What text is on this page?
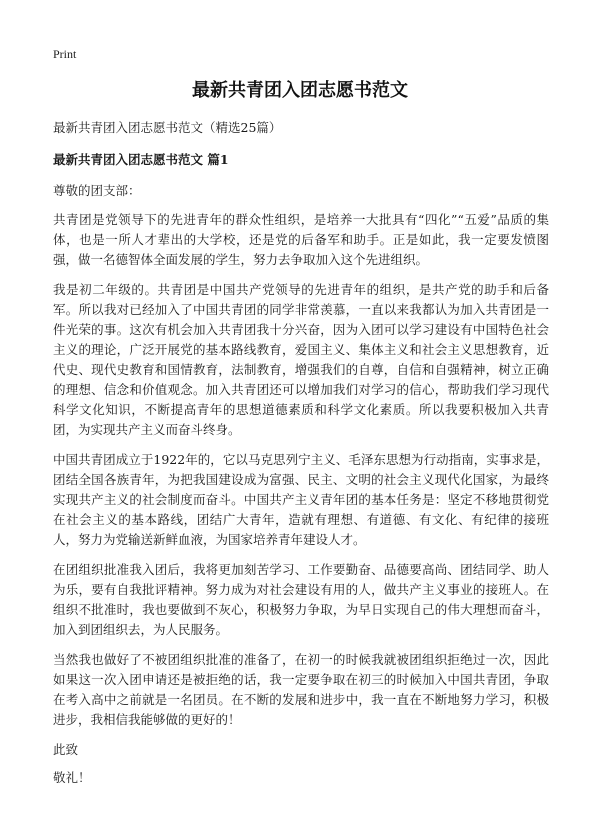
Print
最新共青团入团志愿书范文

最新共青团入团志愿书范文（精选25篇）

最新共青团入团志愿书范文 篇1

尊敬的团支部：

共青团是党领导下的先进青年的群众性组织，是培养一大批具有“四化”“五爱”品质的集体，也是一所人才辈出的大学校，还是党的后备军和助手。正是如此，我一定要发愤图强，做一名德智体全面发展的学生，努力去争取加入这个先进组织。

我是初二年级的。共青团是中国共产党领导的先进青年的组织，是共产党的助手和后备军。所以我对已经加入了中国共青团的同学非常羡慕，一直以来我都认为加入共青团是一件光荣的事。这次有机会加入共青团我十分兴奋，因为入团可以学习建设有中国特色社会主义的理论，广泛开展党的基本路线教育，爱国主义、集体主义和社会主义思想教育，近代史、现代史教育和国情教育，法制教育，增强我们的自尊，自信和自强精神，树立正确的理想、信念和价值观念。加入共青团还可以增加我们对学习的信心，帮助我们学习现代科学文化知识，不断提高青年的思想道德素质和科学文化素质。所以我要积极加入共青团，为实现共产主义而奋斗终身。

中国共青团成立于1922年的，它以马克思列宁主义、毛泽东思想为行动指南，实事求是，团结全国各族青年，为把我国建设成为富强、民主、文明的社会主义现代化国家，为最终实现共产主义的社会制度而奋斗。中国共产主义青年团的基本任务是：坚定不移地贯彻党在社会主义的基本路线，团结广大青年，造就有理想、有道德、有文化、有纪律的接班人，努力为党输送新鲜血液，为国家培养青年建设人才。

在团组织批准我入团后，我将更加刻苦学习、工作要勤奋、品德要高尚、团结同学、助人为乐，要有自我批评精神。努力成为对社会建设有用的人，做共产主义事业的接班人。在组织不批准时，我也要做到不灰心，积极努力争取，为早日实现自己的伟大理想而奋斗，加入到团组织去，为人民服务。

当然我也做好了不被团组织批准的准备了，在初一的时候我就被团组织拒绝过一次，因此如果这一次入团申请还是被拒绝的话，我一定要争取在初三的时候加入中国共青团，争取在考入高中之前就是一名团员。在不断的发展和进步中，我一直在不断地努力学习，积极进步，我相信我能够做的更好的！

此致

敬礼！
